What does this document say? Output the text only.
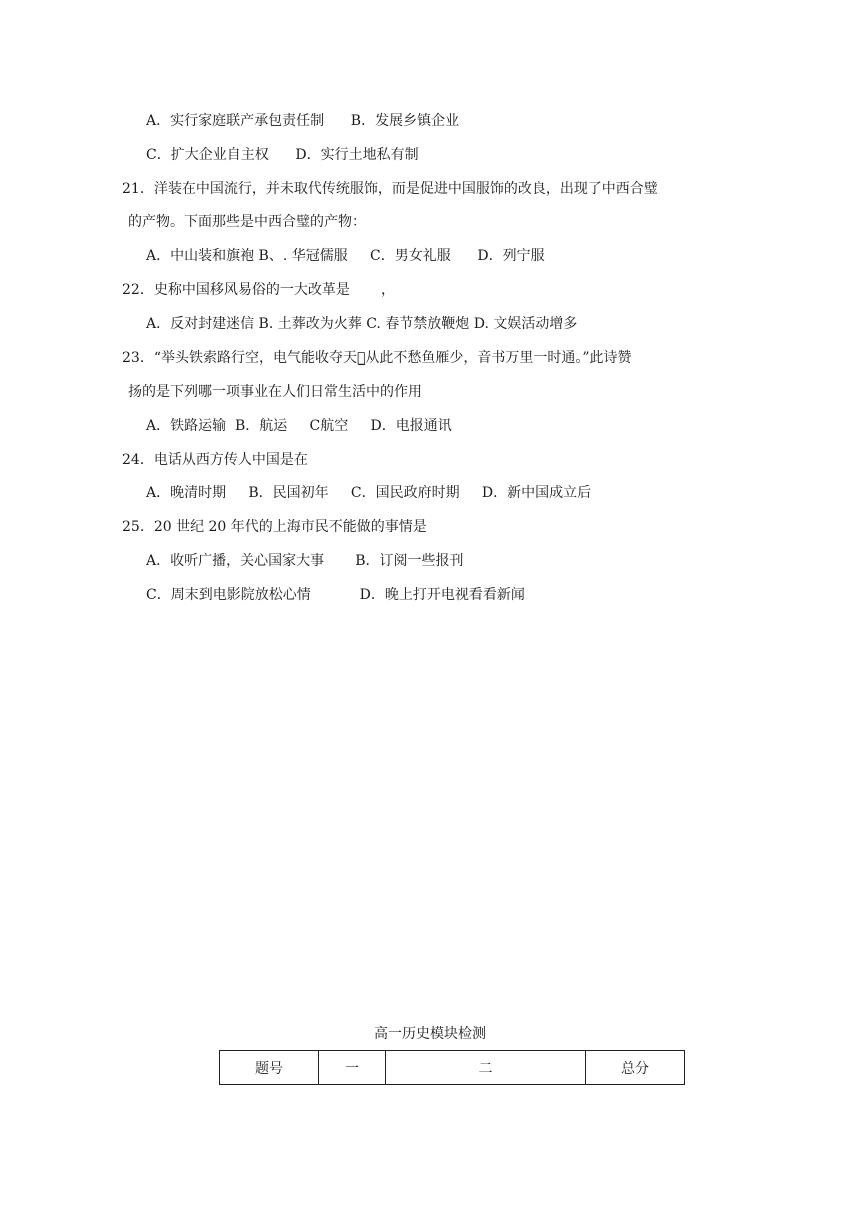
A．实行家庭联产承包责任制      B．发展乡镇企业
C．扩大企业自主权      D．实行土地私有制
21．洋装在中国流行，并未取代传统服饰，而是促进中国服饰的改良，出现了中西合璧
的产物。下面那些是中西合璧的产物：
A．中山装和旗袍 B、. 华冠儒服     C．男女礼服      D．列宁服
22．史称中国移风易俗的一大改革是       ，
A．反对封建迷信 B. 土葬改为火葬 C. 春节禁放鞭炮 D. 文娱活动增多
23．“举头铁索路行空，电气能收夺天工̲从此不愁鱼雁少，音书万里一时通。”此诗赞
扬的是下列哪一项事业在人们日常生活中的作用
A．铁路运输  B．航运     C航空     D．电报通讯
24．电话从西方传人中国是在
A．晚清时期     B．民国初年     C．国民政府时期     D．新中国成立后
25．20 世纪 20 年代的上海市民不能做的事情是
A．收听广播，关心国家大事       B．订阅一些报刊
C．周末到电影院放松心情           D．晚上打开电视看看新闻
高一历史模块检测
题号	一	二	总分
